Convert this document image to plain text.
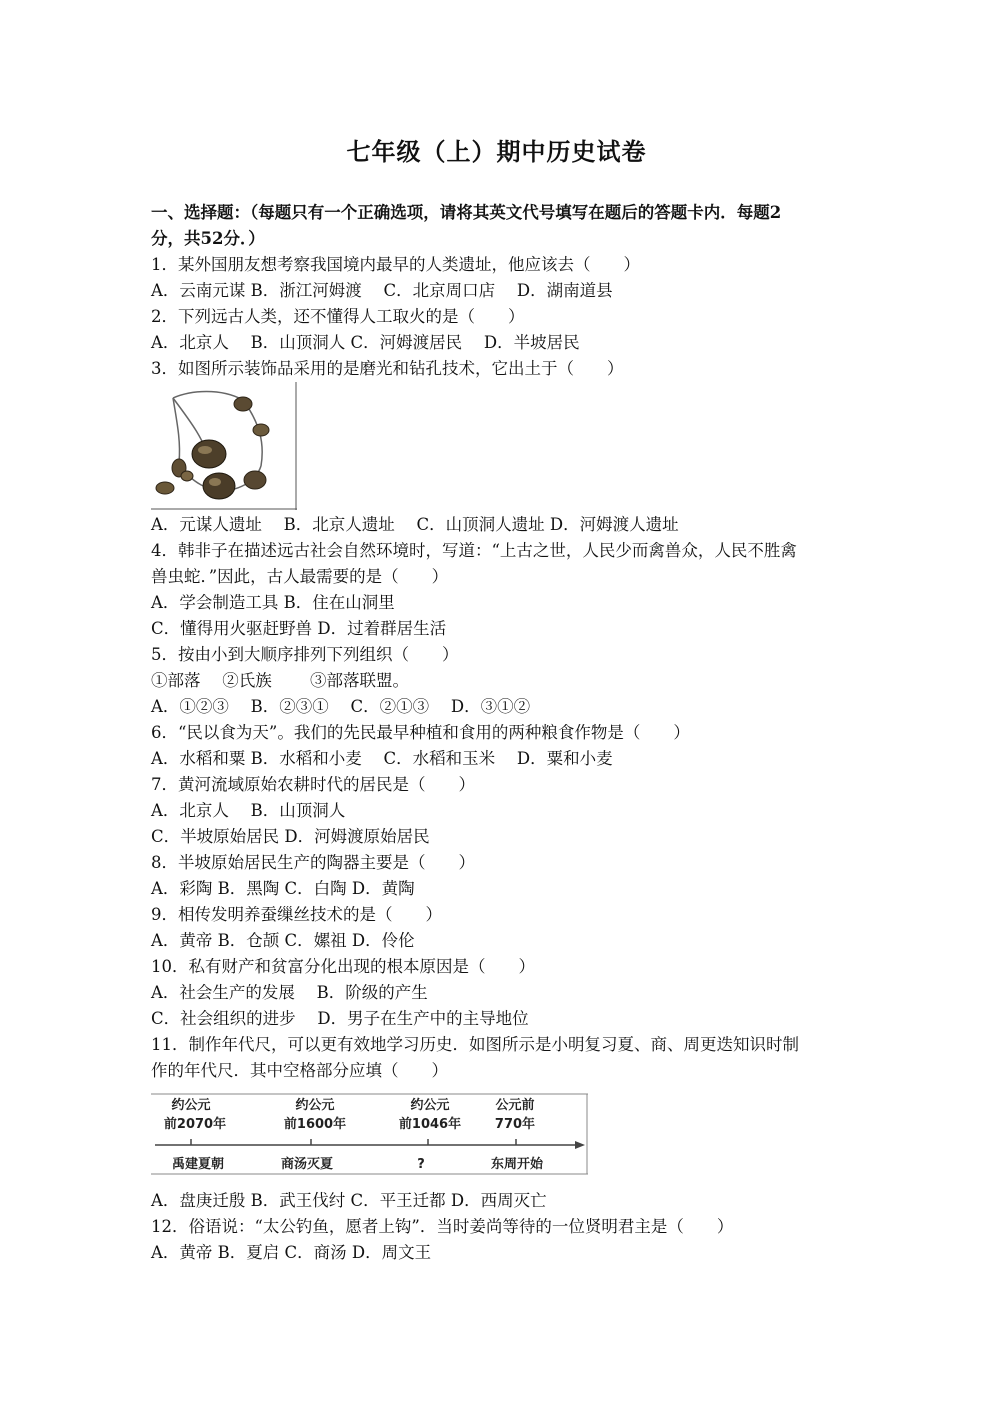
七年级（上）期中历史试卷
一、选择题：（每题只有一个正确选项，请将其英文代号填写在题后的答题卡内．每题2
分，共52分．）
1．某外国朋友想考察我国境内最早的人类遗址，他应该去（　　）
A．云南元谋 B．浙江河姆渡　 C．北京周口店　 D．湖南道县
2．下列远古人类，还不懂得人工取火的是（　　）
A．北京人　 B．山顶洞人 C．河姆渡居民　 D．半坡居民
3．如图所示装饰品采用的是磨光和钻孔技术，它出土于（　　）
A．元谋人遗址　 B．北京人遗址　 C．山顶洞人遗址 D．河姆渡人遗址
4．韩非子在描述远古社会自然环境时，写道：“上古之世，人民少而禽兽众，人民不胜禽
兽虫蛇．”因此，古人最需要的是（　　）
A．学会制造工具 B．住在山洞里
C．懂得用火驱赶野兽 D．过着群居生活
5．按由小到大顺序排列下列组织（　　）
①部落　 ②氏族　　 ③部落联盟。
A．①②③　 B．②③①　 C．②①③　 D．③①②
6．“民以食为天”。我们的先民最早种植和食用的两种粮食作物是（　　）
A．水稻和粟 B．水稻和小麦　 C．水稻和玉米　 D．粟和小麦
7．黄河流域原始农耕时代的居民是（　　）
A．北京人　 B．山顶洞人
C．半坡原始居民 D．河姆渡原始居民
8．半坡原始居民生产的陶器主要是（　　）
A．彩陶 B．黑陶 C．白陶 D．黄陶
9．相传发明养蚕缫丝技术的是（　　）
A．黄帝 B．仓颉 C．嫘祖 D．伶伦
10．私有财产和贫富分化出现的根本原因是（　　）
A．社会生产的发展　 B．阶级的产生
C．社会组织的进步　 D．男子在生产中的主导地位
11．制作年代尺，可以更有效地学习历史．如图所示是小明复习夏、商、周更迭知识时制
作的年代尺．其中空格部分应填（　　）
约公元
前2070年
禹建夏朝
约公元
前1600年
商汤灭夏
约公元
前1046年
?
公元前
770年
东周开始
A．盘庚迁殷 B．武王伐纣 C．平王迁都 D．西周灭亡
12．俗语说：“太公钓鱼，愿者上钩”．当时姜尚等待的一位贤明君主是（　　）
A．黄帝 B．夏启 C．商汤 D．周文王
